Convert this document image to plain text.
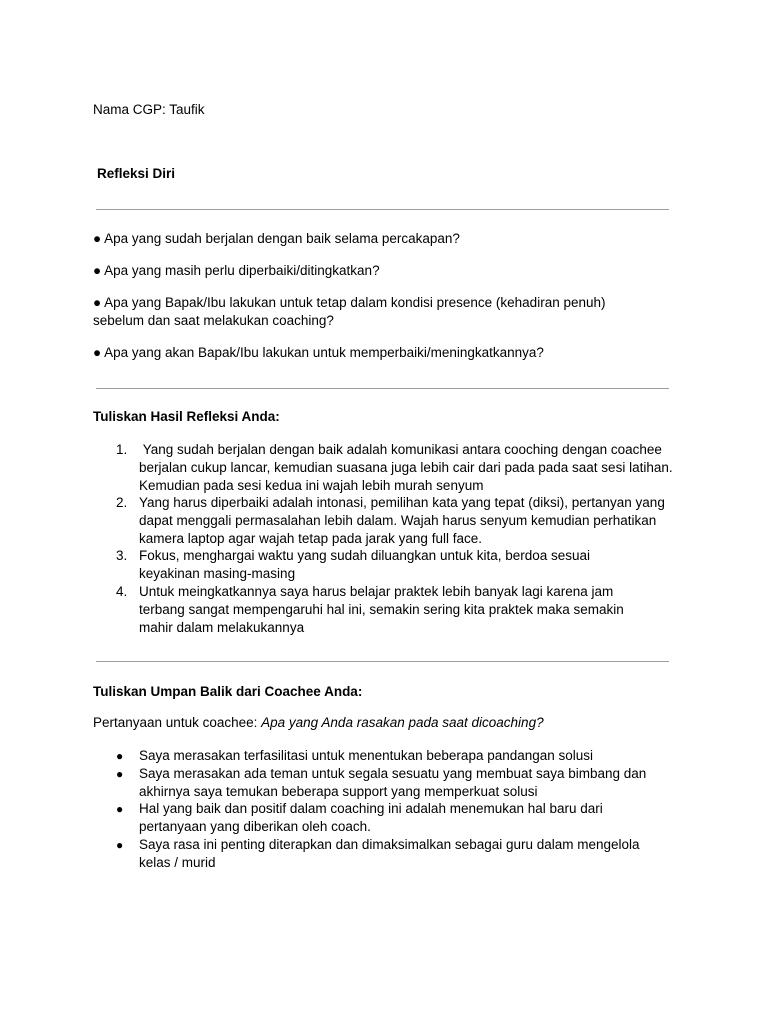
Nama CGP: Taufik
Refleksi Diri
● Apa yang sudah berjalan dengan baik selama percakapan?
● Apa yang masih perlu diperbaiki/ditingkatkan?
● Apa yang Bapak/Ibu lakukan untuk tetap dalam kondisi presence (kehadiran penuh) sebelum dan saat melakukan coaching?
● Apa yang akan Bapak/Ibu lakukan untuk memperbaiki/meningkatkannya?
Tuliskan Hasil Refleksi Anda:
1. Yang sudah berjalan dengan baik adalah komunikasi antara cooching dengan coachee berjalan cukup lancar, kemudian suasana juga lebih cair dari pada pada saat sesi latihan. Kemudian pada sesi kedua ini wajah lebih murah senyum
2. Yang harus diperbaiki adalah intonasi, pemilihan kata yang tepat (diksi), pertanyan yang dapat menggali permasalahan lebih dalam. Wajah harus senyum kemudian perhatikan kamera laptop agar wajah tetap pada jarak yang full face.
3. Fokus, menghargai waktu yang sudah diluangkan untuk kita, berdoa sesuai keyakinan masing-masing
4. Untuk meingkatkannya saya harus belajar praktek lebih banyak lagi karena jam terbang sangat mempengaruhi hal ini, semakin sering kita praktek maka semakin mahir dalam melakukannya
Tuliskan Umpan Balik dari Coachee Anda:
Pertanyaan untuk coachee: Apa yang Anda rasakan pada saat dicoaching?
● Saya merasakan terfasilitasi untuk menentukan beberapa pandangan solusi
● Saya merasakan ada teman untuk segala sesuatu yang membuat saya bimbang dan akhirnya saya temukan beberapa support yang memperkuat solusi
● Hal yang baik dan positif dalam coaching ini adalah menemukan hal baru dari pertanyaan yang diberikan oleh coach.
● Saya rasa ini penting diterapkan dan dimaksimalkan sebagai guru dalam mengelola kelas / murid
